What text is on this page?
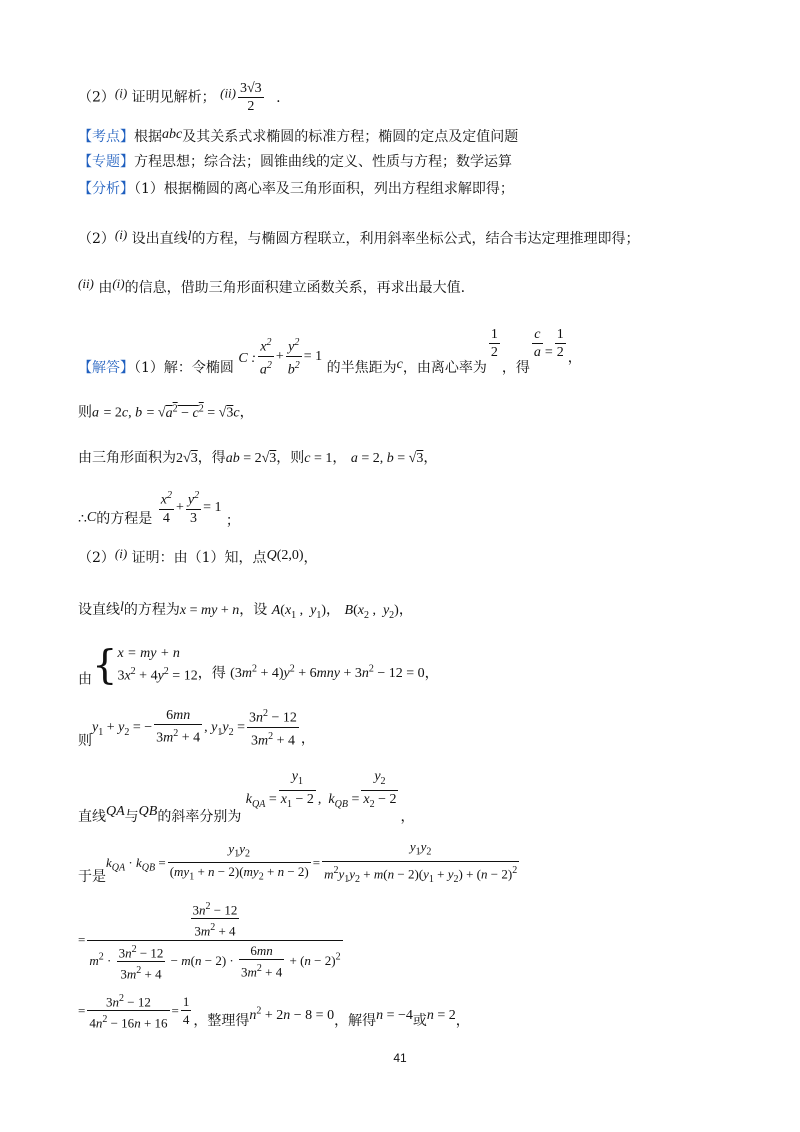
（2）(i) 证明见解析； $(ii) \frac{3√3}{2}$ .
【考点】根据abc及其关系式求椭圆的标准方程；椭圆的定点及定值问题
【专题】方程思想；综合法；圆锥曲线的定义、性质与方程；数学运算
【分析】（1）根据椭圆的离心率及三角形面积，列出方程组求解即得；
（2）(i) 设出直线l的方程，与椭圆方程联立，利用斜率坐标公式，结合韦达定理推理即得；
(ii) 由(i)的信息，借助三角形面积建立函数关系，再求出最大值.
【解答】（1）解：令椭圆 C : $\frac{x^2}{a^2} + \frac{y^2}{b^2} = 1$ 的半焦距为c，由离心率为
$\frac{1}{2}$
，得
$\frac{c}{a} = \frac{1}{2}$ ，
则a = 2c, $b = √a^2 - c^2 = √3c$，
由三角形面积为2√3，得ab = 2√3，则c = 1， a = 2, b = √3，
∴C的方程是 $\frac{x^2}{4} + \frac{y^2}{3} = 1$ ；
（2）(i) 证明：由（1）知，点Q(2,0)，
设直线l的方程为x = my + n，设 $A(x_1$ ,  $y_1$)， $B(x_2$ ,  $y_2$)，
由{ x = my + n
$3x^2 + 4y^2 = 12$ ，得 $(3m^2 + 4)y^2 + 6mny + 3n^2 - 12 = 0$，
则$y_1 + y_2$ = − $\frac{6mn}{3m^2 + 4}$ , $y_1y_2 = \frac{3n^2 - 12}{3m^2 + 4}$ ，
直线QA与QB的斜率分别为 $k_{QA} = \frac{y_1}{x_1 - 2}$ ,  $k_{QB} = \frac{y_2}{x_2 - 2}$
，
于是$k_{QA} \cdot k_{QB} = \frac{y_1y_2}{(my_1 + n - 2)(my_2 + n - 2)} = \frac{y_1y_2}{m^2y_1y_2 + m(n - 2)(y_1 + y_2) + (n - 2)^2}$
= $\frac{\frac{3n^2 - 12}{3m^2 + 4}}{m^2 \cdot \frac{3n^2 - 12}{3m^2 + 4} - m(n - 2) \cdot \frac{6mn}{3m^2 + 4} + (n - 2)^2}$
= $\frac{3n^2 - 12}{4n^2 - 16n + 16} = \frac{1}{4}$ ，整理得$n^2 + 2n - 8 = 0$，解得n = −4或n = 2，
41
